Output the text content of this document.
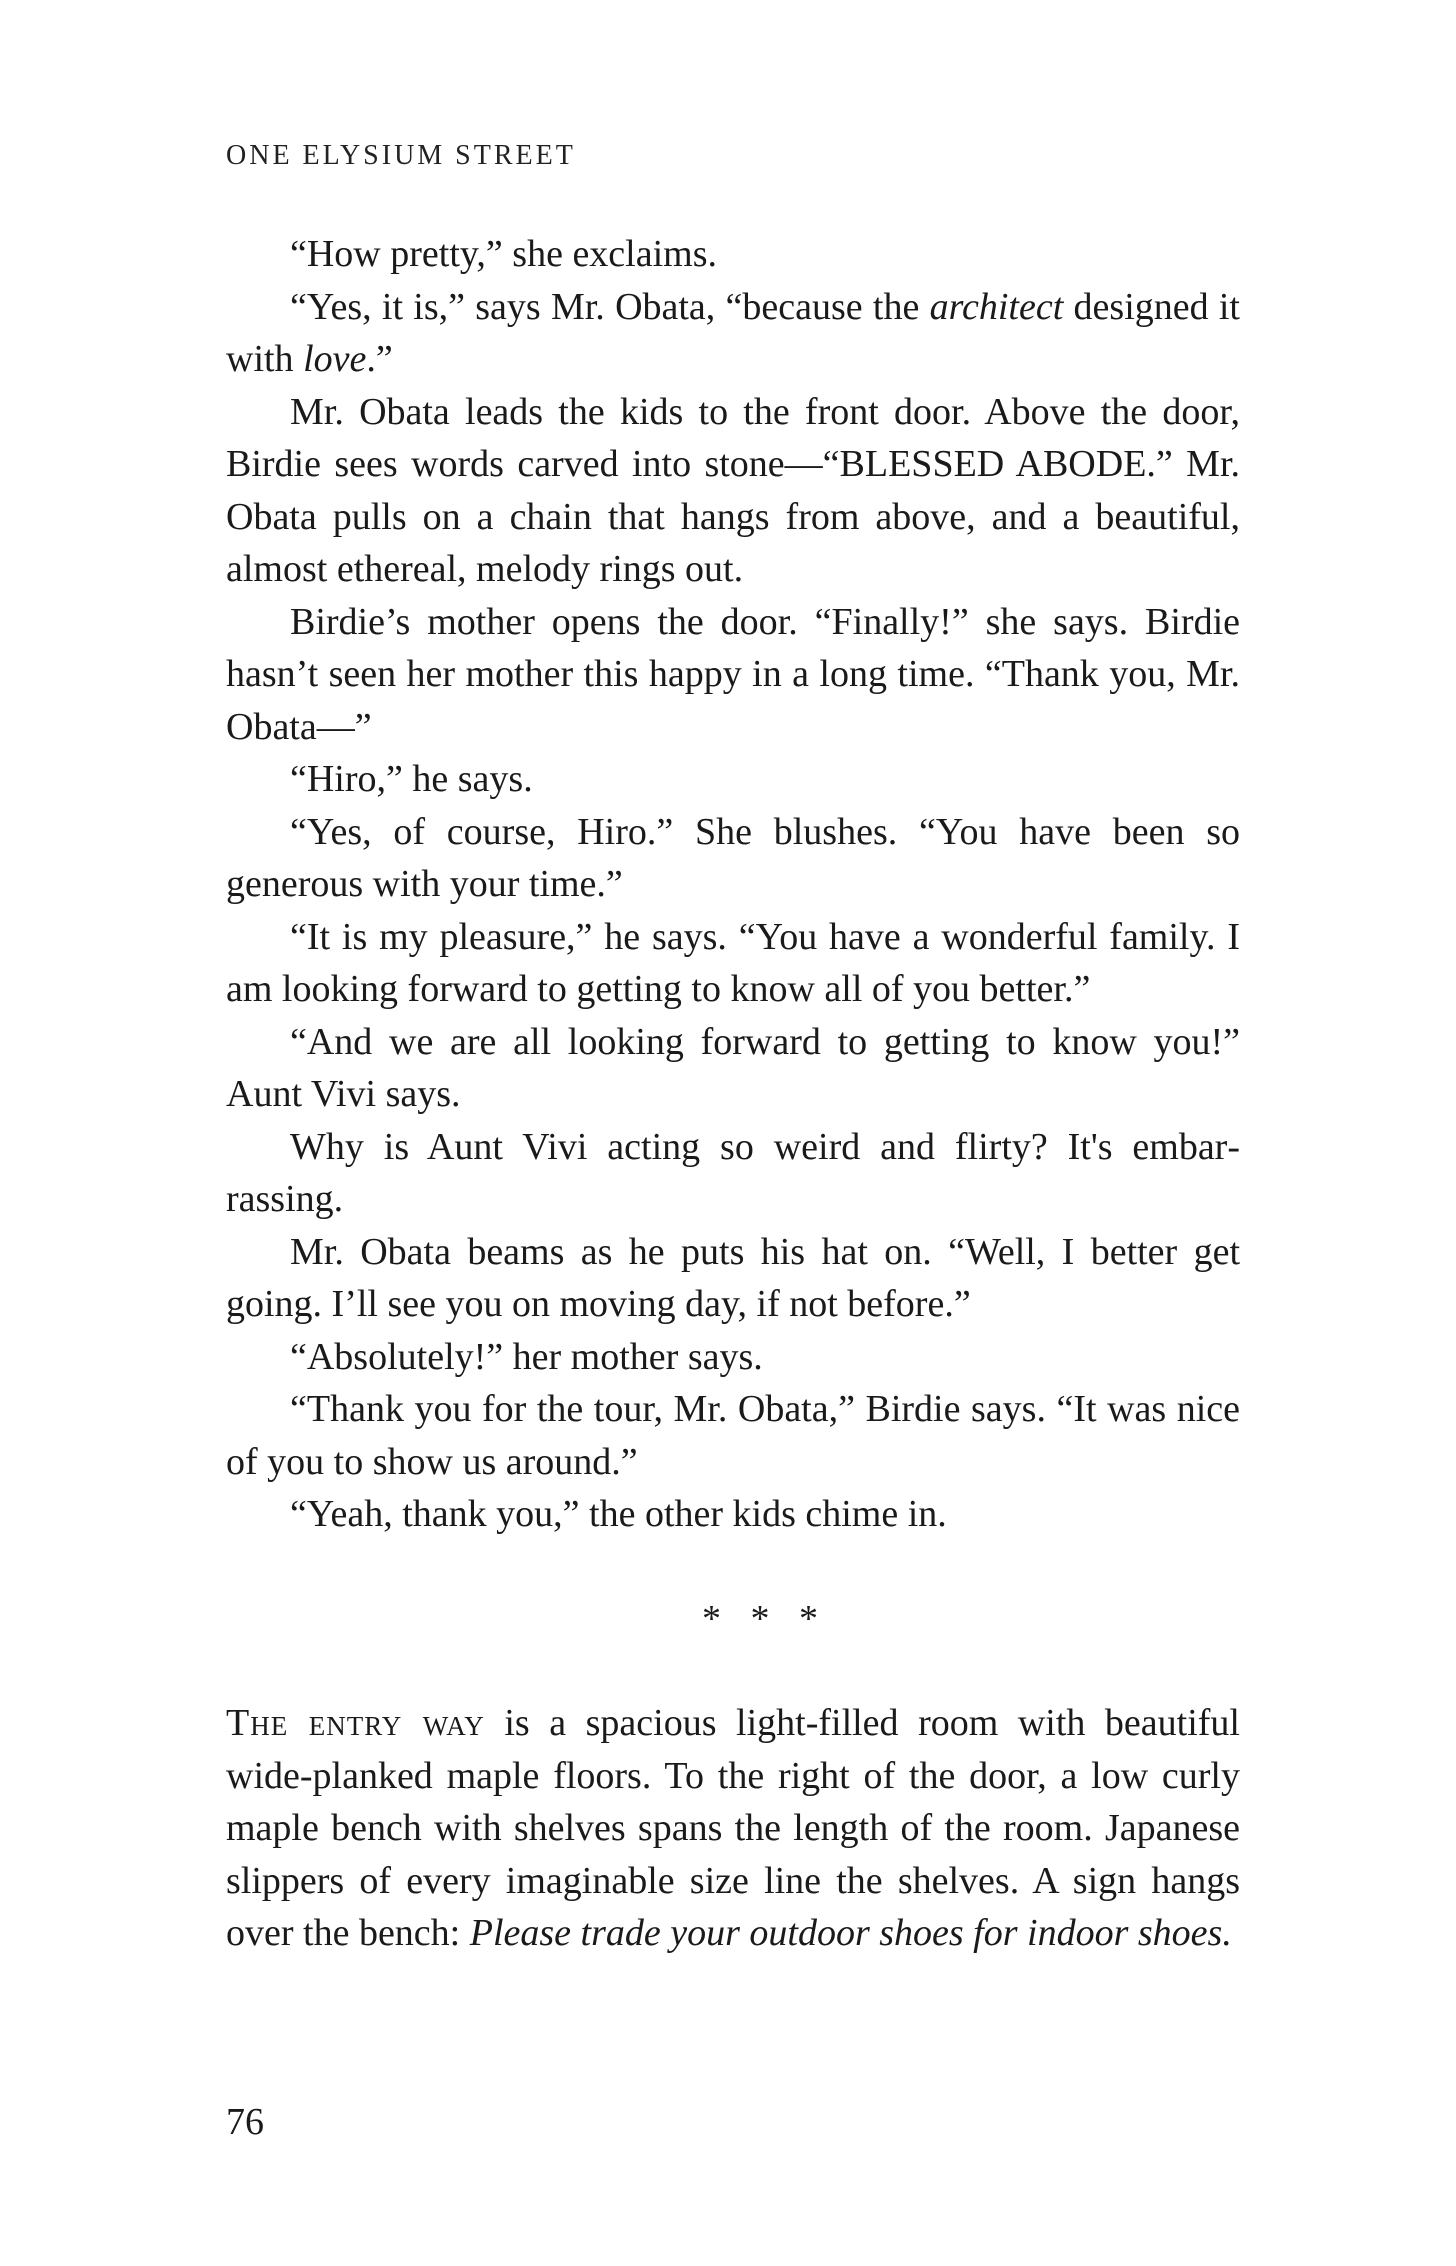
ONE ELYSIUM STREET

“How pretty,” she exclaims.

“Yes, it is,” says Mr. Obata, “because the architect designed it with love.”

Mr. Obata leads the kids to the front door. Above the door, Birdie sees words carved into stone—“BLESSED ABODE.” Mr. Obata pulls on a chain that hangs from above, and a beautiful, almost ethereal, melody rings out.

Birdie’s mother opens the door. “Finally!” she says. Birdie hasn’t seen her mother this happy in a long time. “Thank you, Mr. Obata—”

“Hiro,” he says.

“Yes, of course, Hiro.” She blushes. “You have been so generous with your time.”

“It is my pleasure,” he says. “You have a wonderful family. I am looking forward to getting to know all of you better.”

“And we are all looking forward to getting to know you!” Aunt Vivi says.

Why is Aunt Vivi acting so weird and flirty? It's embarrassing.

Mr. Obata beams as he puts his hat on. “Well, I better get going. I’ll see you on moving day, if not before.”

“Absolutely!” her mother says.

“Thank you for the tour, Mr. Obata,” Birdie says. “It was nice of you to show us around.”

“Yeah, thank you,” the other kids chime in.

* * *

The entry way is a spacious light-filled room with beautiful wide-planked maple floors. To the right of the door, a low curly maple bench with shelves spans the length of the room. Japanese slippers of every imaginable size line the shelves. A sign hangs over the bench: Please trade your outdoor shoes for indoor shoes.

76
